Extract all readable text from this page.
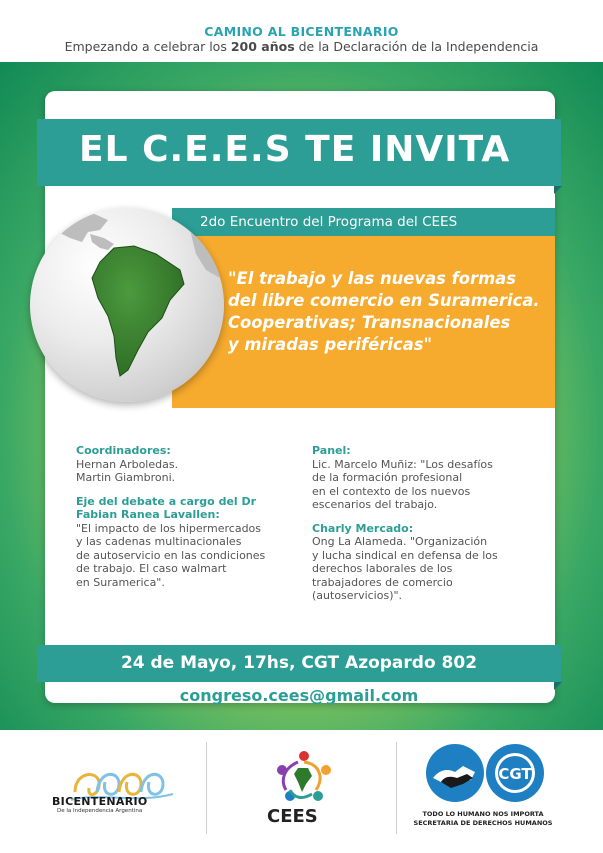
CAMINO AL BICENTENARIO
Empezando a celebrar los 200 años de la Declaración de la Independencia
EL C.E.E.S TE INVITA
2do Encuentro del Programa del CEES
"El trabajo y las nuevas formas
del libre comercio en Suramerica.
Cooperativas; Transnacionales
y miradas periféricas"
Coordinadores:
Hernan Arboledas.
Martin Giambroni.
Eje del debate a cargo del Dr
Fabian Ranea Lavallen:
"El impacto de los hipermercados
y las cadenas multinacionales
de autoservicio en las condiciones
de trabajo. El caso walmart
en Suramerica".
Panel:
Lic. Marcelo Muñiz: "Los desafíos
de la formación profesional
en el contexto de los nuevos
escenarios del trabajo.
Charly Mercado:
Ong La Alameda. "Organización
y lucha sindical en defensa de los
derechos laborales de los
trabajadores de comercio
(autoservicios)".
24 de Mayo, 17hs, CGT Azopardo 802
congreso.cees@gmail.com
BICENTENARIO
De la Independencia Argentina	CEES
CGT
TODO LO HUMANO NOS IMPORTA
SECRETARIA DE DERECHOS HUMANOS
